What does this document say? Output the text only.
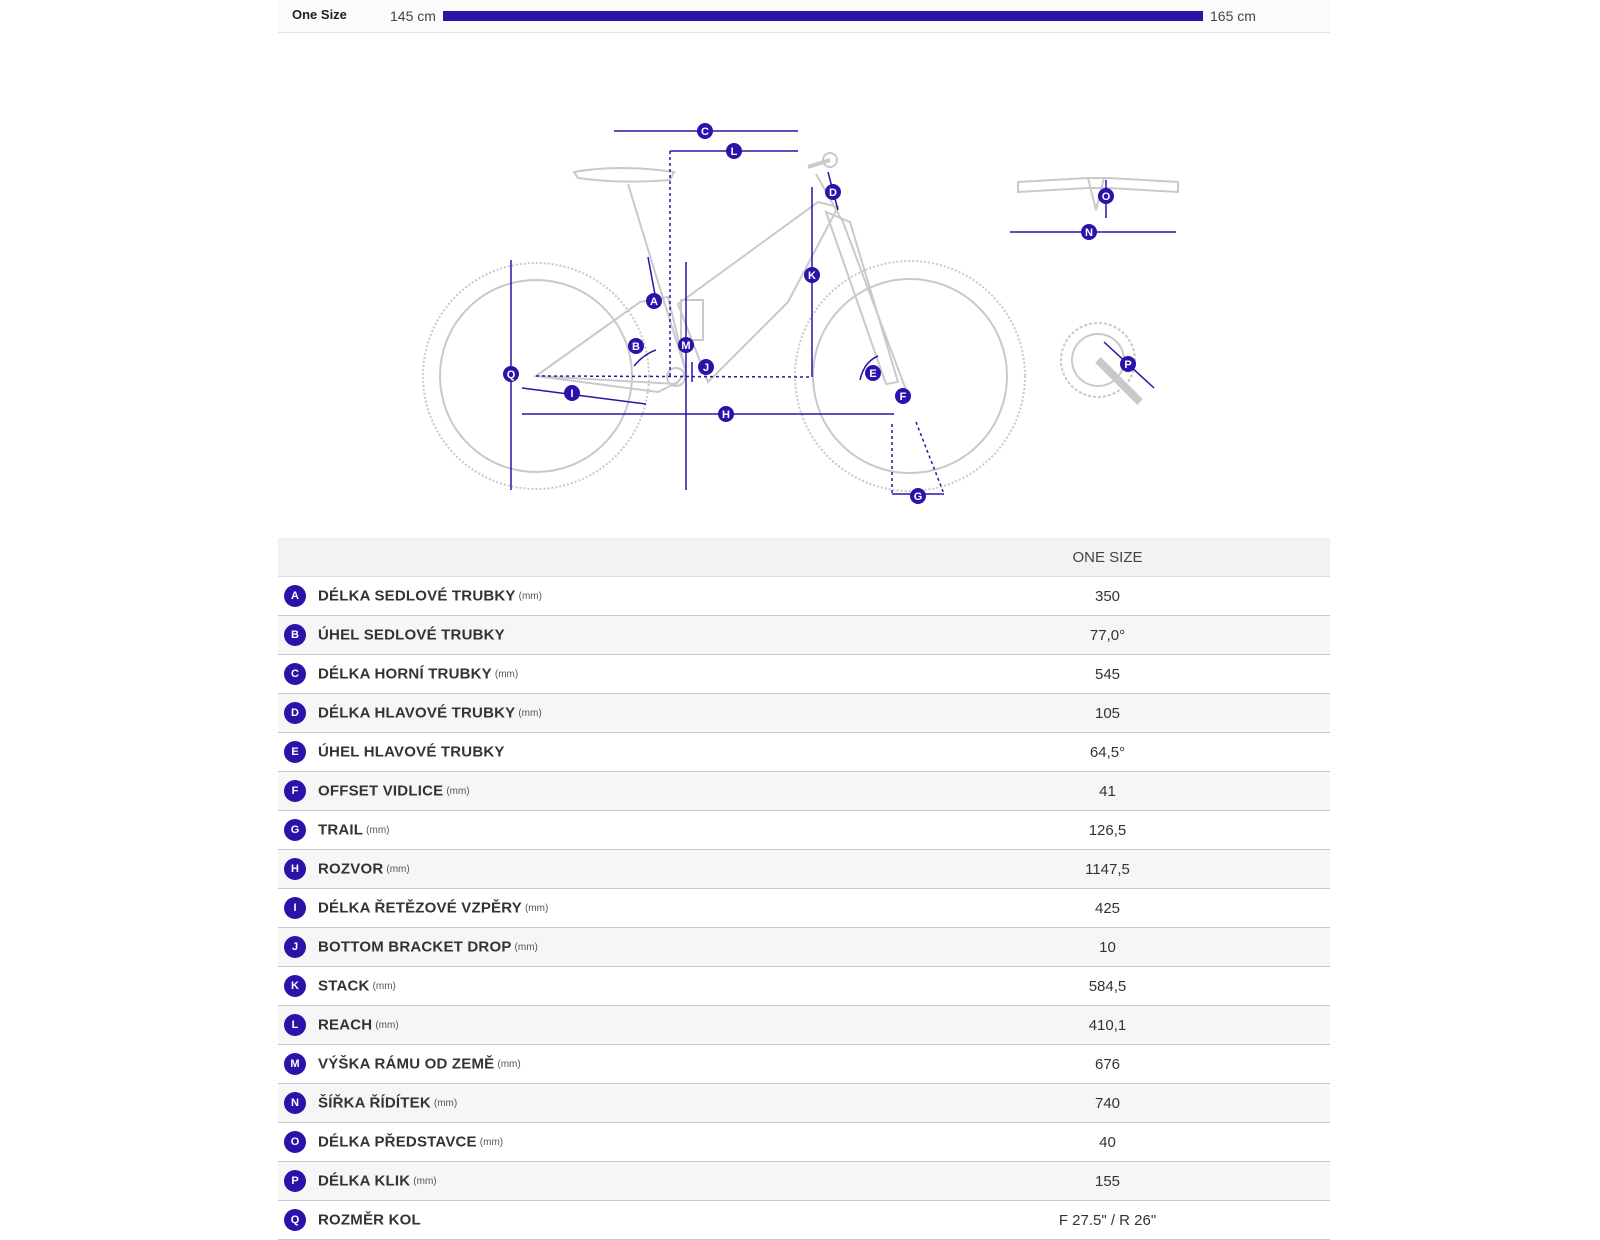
One Size	145 cm	165 cm
C
L
D
K
A
B	M
J	E
F
Q
I
H
G
O
N
P
	ONE SIZE
A DÉLKA SEDLOVÉ TRUBKY (mm)	350
B ÚHEL SEDLOVÉ TRUBKY	77,0°
C DÉLKA HORNÍ TRUBKY (mm)	545
D DÉLKA HLAVOVÉ TRUBKY (mm)	105
E ÚHEL HLAVOVÉ TRUBKY	64,5°
F OFFSET VIDLICE (mm)	41
G TRAIL (mm)	126,5
H ROZVOR (mm)	1147,5
I DÉLKA ŘETĚZOVÉ VZPĚRY (mm)	425
J BOTTOM BRACKET DROP (mm)	10
K STACK (mm)	584,5
L REACH (mm)	410,1
M VÝŠKA RÁMU OD ZEMĚ (mm)	676
N ŠÍŘKA ŘÍDÍTEK (mm)	740
O DÉLKA PŘEDSTAVCE (mm)	40
P DÉLKA KLIK (mm)	155
Q ROZMĚR KOL	F 27.5" / R 26"
